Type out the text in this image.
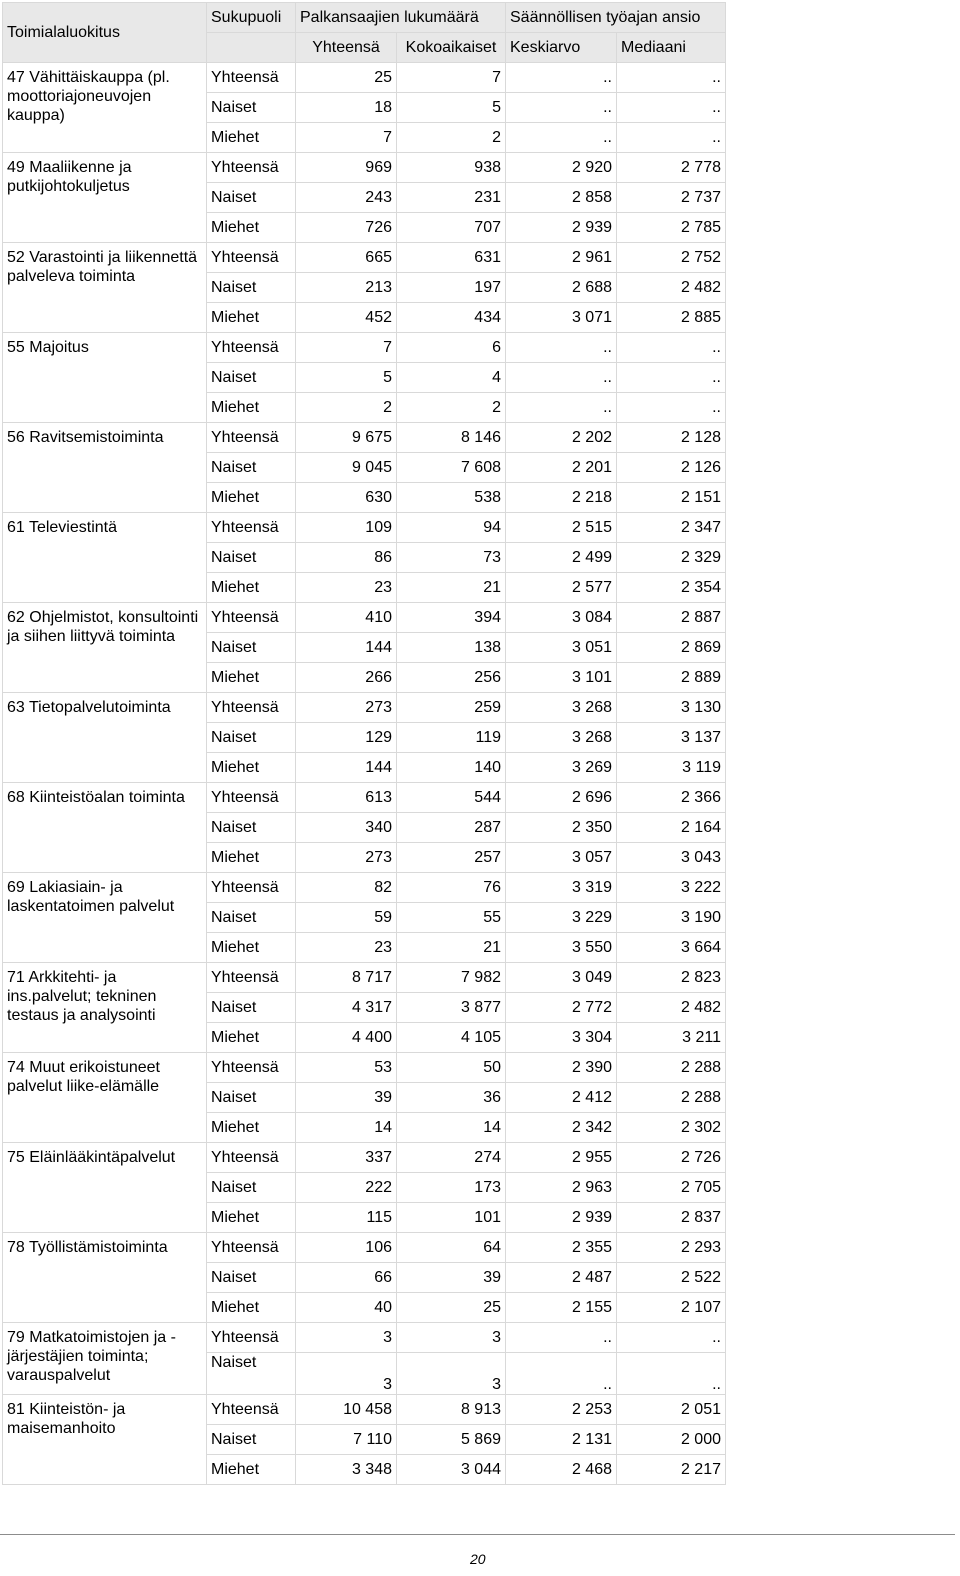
Toimialaluokitus	Sukupuoli	Palkansaajien lukumäärä		Säännöllisen työajan ansio	
		Yhteensä	Kokoaikaiset	Keskiarvo	Mediaani
47 Vähittäiskauppa (pl. moottoriajoneuvojen kauppa)	Yhteensä	25	7	..	..
	Naiset	18	5	..	..
	Miehet	7	2	..	..
49 Maaliikenne ja putkijohtokuljetus	Yhteensä	969	938	2 920	2 778
	Naiset	243	231	2 858	2 737
	Miehet	726	707	2 939	2 785
52 Varastointi ja liikennettä palveleva toiminta	Yhteensä	665	631	2 961	2 752
	Naiset	213	197	2 688	2 482
	Miehet	452	434	3 071	2 885
55 Majoitus	Yhteensä	7	6	..	..
	Naiset	5	4	..	..
	Miehet	2	2	..	..
56 Ravitsemistoiminta	Yhteensä	9 675	8 146	2 202	2 128
	Naiset	9 045	7 608	2 201	2 126
	Miehet	630	538	2 218	2 151
61 Televiestintä	Yhteensä	109	94	2 515	2 347
	Naiset	86	73	2 499	2 329
	Miehet	23	21	2 577	2 354
62 Ohjelmistot, konsultointi ja siihen liittyvä toiminta	Yhteensä	410	394	3 084	2 887
	Naiset	144	138	3 051	2 869
	Miehet	266	256	3 101	2 889
63 Tietopalvelutoiminta	Yhteensä	273	259	3 268	3 130
	Naiset	129	119	3 268	3 137
	Miehet	144	140	3 269	3 119
68 Kiinteistöalan toiminta	Yhteensä	613	544	2 696	2 366
	Naiset	340	287	2 350	2 164
	Miehet	273	257	3 057	3 043
69 Lakiasiain- ja laskentatoimen palvelut	Yhteensä	82	76	3 319	3 222
	Naiset	59	55	3 229	3 190
	Miehet	23	21	3 550	3 664
71 Arkkitehti- ja ins.palvelut; tekninen testaus ja analysointi	Yhteensä	8 717	7 982	3 049	2 823
	Naiset	4 317	3 877	2 772	2 482
	Miehet	4 400	4 105	3 304	3 211
74 Muut erikoistuneet palvelut liike-elämälle	Yhteensä	53	50	2 390	2 288
	Naiset	39	36	2 412	2 288
	Miehet	14	14	2 342	2 302
75 Eläinlääkintäpalvelut	Yhteensä	337	274	2 955	2 726
	Naiset	222	173	2 963	2 705
	Miehet	115	101	2 939	2 837
78 Työllistämistoiminta	Yhteensä	106	64	2 355	2 293
	Naiset	66	39	2 487	2 522
	Miehet	40	25	2 155	2 107
79 Matkatoimistojen ja -järjestäjien toiminta; varauspalvelut	Yhteensä	3	3	..	..
	Naiset	3	3	..	..
81 Kiinteistön- ja maisemanhoito	Yhteensä	10 458	8 913	2 253	2 051
	Naiset	7 110	5 869	2 131	2 000
	Miehet	3 348	3 044	2 468	2 217
20
